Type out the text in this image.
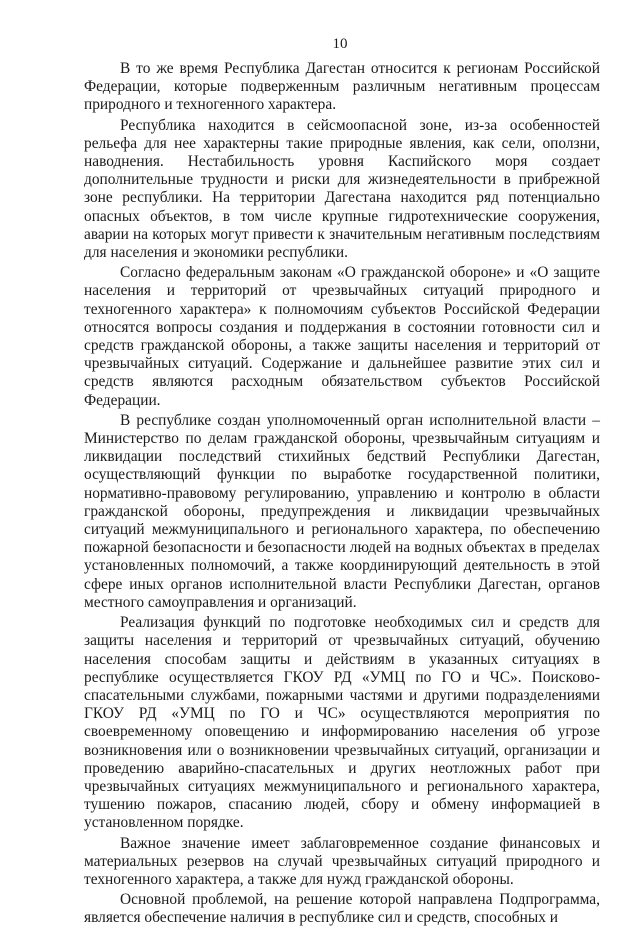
10

В то же время Республика Дагестан относится к регионам Российской Федерации, которые подверженным различным негативным процессам природного и техногенного характера.

Республика находится в сейсмоопасной зоне, из-за особенностей рельефа для нее характерны такие природные явления, как сели, оползни, наводнения. Нестабильность уровня Каспийского моря создает дополнительные трудности и риски для жизнедеятельности в прибрежной зоне республики. На территории Дагестана находится ряд потенциально опасных объектов, в том числе крупные гидротехнические сооружения, аварии на которых могут привести к значительным негативным последствиям для населения и экономики республики.

Согласно федеральным законам «О гражданской обороне» и «О защите населения и территорий от чрезвычайных ситуаций природного и техногенного характера» к полномочиям субъектов Российской Федерации относятся вопросы создания и поддержания в состоянии готовности сил и средств гражданской обороны, а также защиты населения и территорий от чрезвычайных ситуаций. Содержание и дальнейшее развитие этих сил и средств являются расходным обязательством субъектов Российской Федерации.

В республике создан уполномоченный орган исполнительной власти – Министерство по делам гражданской обороны, чрезвычайным ситуациям и ликвидации последствий стихийных бедствий Республики Дагестан, осуществляющий функции по выработке государственной политики, нормативно-правовому регулированию, управлению и контролю в области гражданской обороны, предупреждения и ликвидации чрезвычайных ситуаций межмуниципального и регионального характера, по обеспечению пожарной безопасности и безопасности людей на водных объектах в пределах установленных полномочий, а также координирующий деятельность в этой сфере иных органов исполнительной власти Республики Дагестан, органов местного самоуправления и организаций.

Реализация функций по подготовке необходимых сил и средств для защиты населения и территорий от чрезвычайных ситуаций, обучению населения способам защиты и действиям в указанных ситуациях в республике осуществляется ГКОУ РД «УМЦ по ГО и ЧС». Поисково-спасательными службами, пожарными частями и другими подразделениями ГКОУ РД «УМЦ по ГО и ЧС» осуществляются мероприятия по своевременному оповещению и информированию населения об угрозе возникновения или о возникновении чрезвычайных ситуаций, организации и проведению аварийно-спасательных и других неотложных работ при чрезвычайных ситуациях межмуниципального и регионального характера, тушению пожаров, спасанию людей, сбору и обмену информацией в установленном порядке.

Важное значение имеет заблаговременное создание финансовых и материальных резервов на случай чрезвычайных ситуаций природного и техногенного характера, а также для нужд гражданской обороны.

Основной проблемой, на решение которой направлена Подпрограмма, является обеспечение наличия в республике сил и средств, способных и
